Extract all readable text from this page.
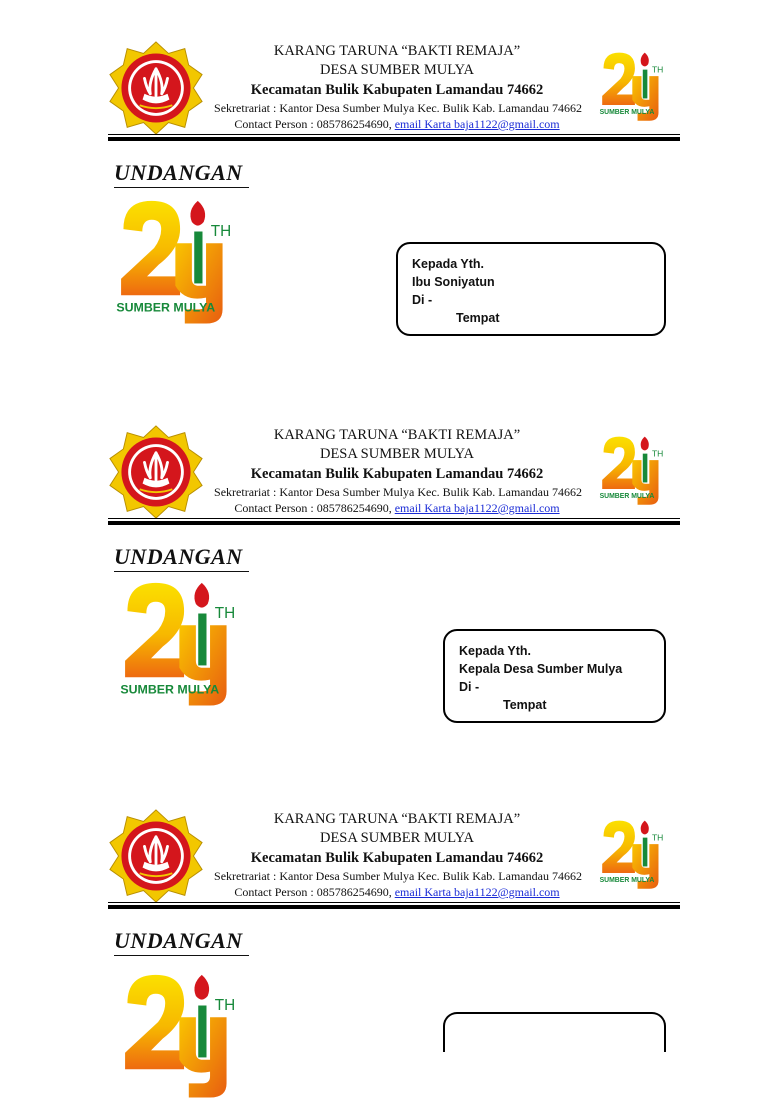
KARANG TARUNA “BAKTI REMAJA”
DESA SUMBER MULYA
Kecamatan Bulik Kabupaten Lamandau 74662
Sekretrariat : Kantor Desa Sumber Mulya Kec. Bulik Kab. Lamandau 74662
Contact Person : 085786254690, email Karta baja1122@gmail.com
TH
SUMBER MULYA
UNDANGAN
TH
SUMBER MULYA
Kepada Yth.
Ibu Soniyatun
Di -
Tempat
KARANG TARUNA “BAKTI REMAJA”
DESA SUMBER MULYA
Kecamatan Bulik Kabupaten Lamandau 74662
Sekretrariat : Kantor Desa Sumber Mulya Kec. Bulik Kab. Lamandau 74662
Contact Person : 085786254690, email Karta baja1122@gmail.com
TH
SUMBER MULYA
UNDANGAN
TH
SUMBER MULYA
Kepada Yth.
Kepala Desa Sumber Mulya
Di -
Tempat
KARANG TARUNA “BAKTI REMAJA”
DESA SUMBER MULYA
Kecamatan Bulik Kabupaten Lamandau 74662
Sekretrariat : Kantor Desa Sumber Mulya Kec. Bulik Kab. Lamandau 74662
Contact Person : 085786254690, email Karta baja1122@gmail.com
TH
SUMBER MULYA
UNDANGAN
TH
